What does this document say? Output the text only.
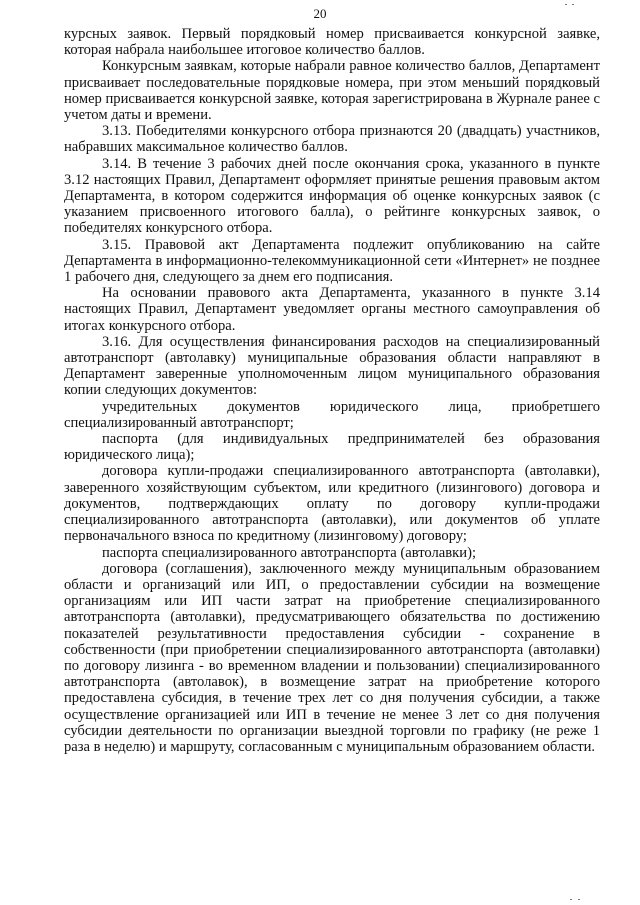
20

курсных заявок. Первый порядковый номер присваивается конкурсной заявке, которая набрала наибольшее итоговое количество баллов.

Конкурсным заявкам, которые набрали равное количество баллов, Департамент присваивает последовательные порядковые номера, при этом меньший порядковый номер присваивается конкурсной заявке, которая зарегистрирована в Журнале ранее с учетом даты и времени.

3.13. Победителями конкурсного отбора признаются 20 (двадцать) участников, набравших максимальное количество баллов.

3.14. В течение 3 рабочих дней после окончания срока, указанного в пункте 3.12 настоящих Правил, Департамент оформляет принятые решения правовым актом Департамента, в котором содержится информация об оценке конкурсных заявок (с указанием присвоенного итогового балла), о рейтинге конкурсных заявок, о победителях конкурсного отбора.

3.15. Правовой акт Департамента подлежит опубликованию на сайте Департамента в информационно-телекоммуникационной сети «Интернет» не позднее 1 рабочего дня, следующего за днем его подписания.

На основании правового акта Департамента, указанного в пункте 3.14 настоящих Правил, Департамент уведомляет органы местного самоуправления об итогах конкурсного отбора.

3.16. Для осуществления финансирования расходов на специализированный автотранспорт (автолавку) муниципальные образования области направляют в Департамент заверенные уполномоченным лицом муниципального образования копии следующих документов:

учредительных документов юридического лица, приобретшего специализированный автотранспорт;

паспорта (для индивидуальных предпринимателей без образования юридического лица);

договора купли-продажи специализированного автотранспорта (автолавки), заверенного хозяйствующим субъектом, или кредитного (лизингового) договора и документов, подтверждающих оплату по договору купли-продажи специализированного автотранспорта (автолавки), или документов об уплате первоначального взноса по кредитному (лизинговому) договору;

паспорта специализированного автотранспорта (автолавки);

договора (соглашения), заключенного между муниципальным образованием области и организаций или ИП, о предоставлении субсидии на возмещение организациям или ИП части затрат на приобретение специализированного автотранспорта (автолавки), предусматривающего обязательства по достижению показателей результативности предоставления субсидии - сохранение в собственности (при приобретении специализированного автотранспорта (автолавки) по договору лизинга - во временном владении и пользовании) специализированного автотранспорта (автолавок), в возмещение затрат на приобретение которого предоставлена субсидия, в течение трех лет со дня получения субсидии, а также осуществление организацией или ИП в течение не менее 3 лет со дня получения субсидии деятельности по организации выездной торговли по графику (не реже 1 раза в неделю) и маршруту, согласованным с муниципальным образованием области.
